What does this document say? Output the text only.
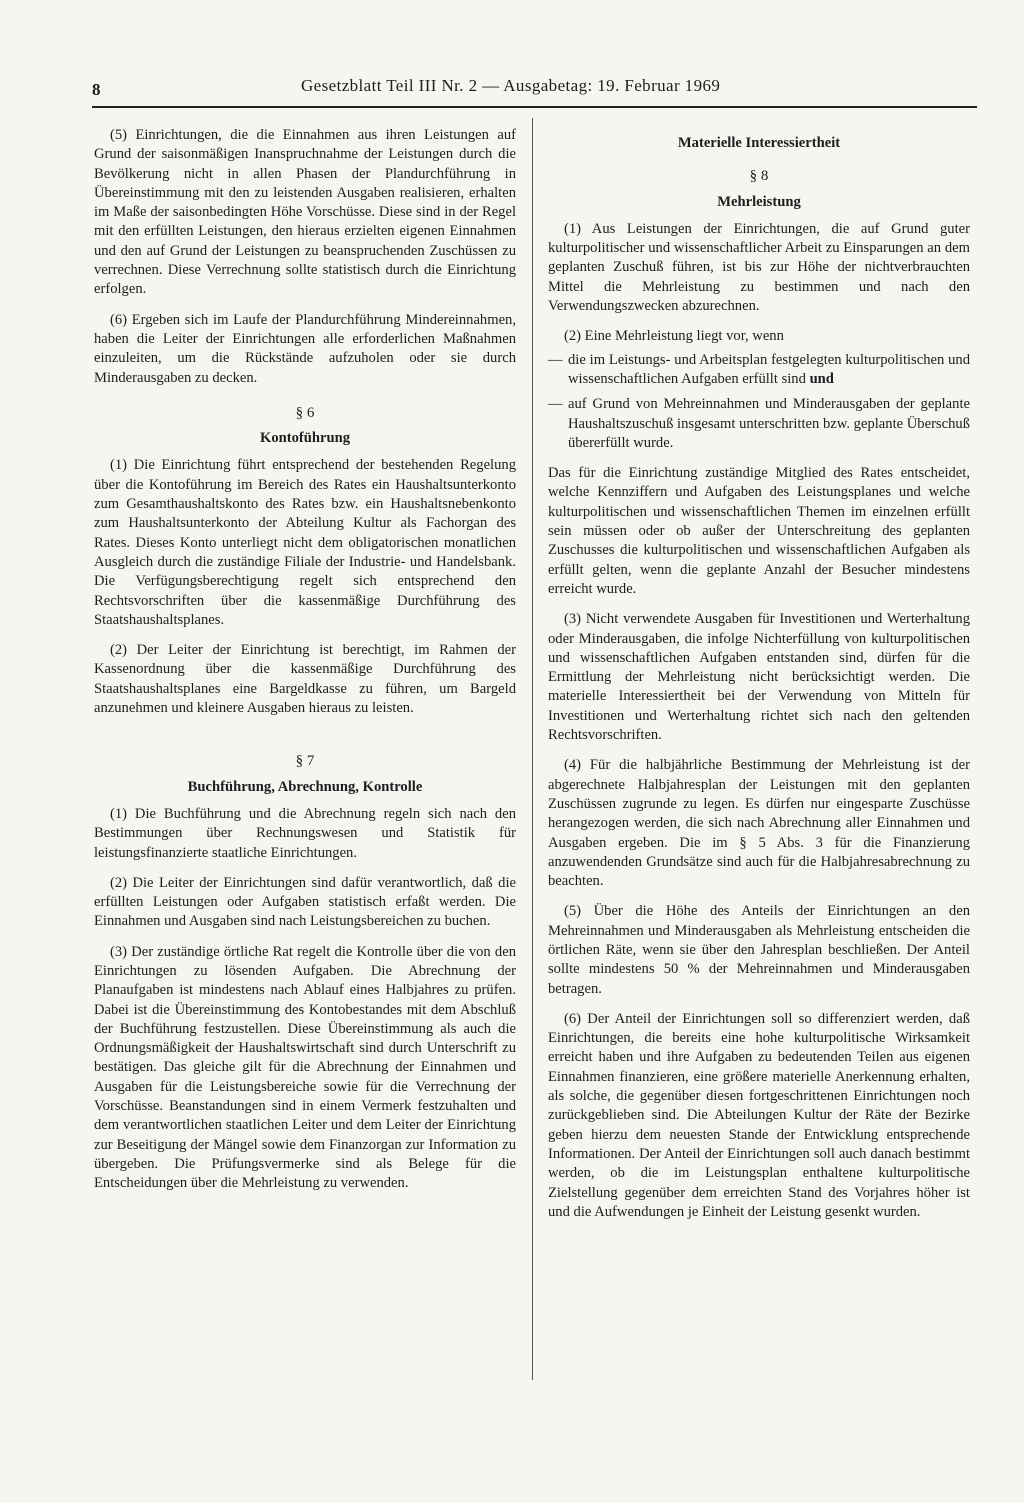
8	Gesetzblatt Teil III Nr. 2 — Ausgabetag: 19. Februar 1969

(5) Einrichtungen, die die Einnahmen aus ihren Leistungen auf Grund der saisonmäßigen Inanspruchnahme der Leistungen durch die Bevölkerung nicht in allen Phasen der Plandurchführung in Übereinstimmung mit den zu leistenden Ausgaben realisieren, erhalten im Maße der saisonbedingten Höhe Vorschüsse. Diese sind in der Regel mit den erfüllten Leistungen, den hieraus erzielten eigenen Einnahmen und den auf Grund der Leistungen zu beanspruchenden Zuschüssen zu verrechnen. Diese Verrechnung sollte statistisch durch die Einrichtung erfolgen.

(6) Ergeben sich im Laufe der Plandurchführung Mindereinnahmen, haben die Leiter der Einrichtungen alle erforderlichen Maßnahmen einzuleiten, um die Rückstände aufzuholen oder sie durch Minderausgaben zu decken.

§ 6
Kontoführung

(1) Die Einrichtung führt entsprechend der bestehenden Regelung über die Kontoführung im Bereich des Rates ein Haushaltsunterkonto zum Gesamthaushaltskonto des Rates bzw. ein Haushaltsnebenkonto zum Haushaltsunterkonto der Abteilung Kultur als Fachorgan des Rates. Dieses Konto unterliegt nicht dem obligatorischen monatlichen Ausgleich durch die zuständige Filiale der Industrie- und Handelsbank. Die Verfügungsberechtigung regelt sich entsprechend den Rechtsvorschriften über die kassenmäßige Durchführung des Staatshaushaltsplanes.

(2) Der Leiter der Einrichtung ist berechtigt, im Rahmen der Kassenordnung über die kassenmäßige Durchführung des Staatshaushaltsplanes eine Bargeldkasse zu führen, um Bargeld anzunehmen und kleinere Ausgaben hieraus zu leisten.

§ 7
Buchführung, Abrechnung, Kontrolle

(1) Die Buchführung und die Abrechnung regeln sich nach den Bestimmungen über Rechnungswesen und Statistik für leistungsfinanzierte staatliche Einrichtungen.

(2) Die Leiter der Einrichtungen sind dafür verantwortlich, daß die erfüllten Leistungen oder Aufgaben statistisch erfaßt werden. Die Einnahmen und Ausgaben sind nach Leistungsbereichen zu buchen.

(3) Der zuständige örtliche Rat regelt die Kontrolle über die von den Einrichtungen zu lösenden Aufgaben. Die Abrechnung der Planaufgaben ist mindestens nach Ablauf eines Halbjahres zu prüfen. Dabei ist die Übereinstimmung des Kontobestandes mit dem Abschluß der Buchführung festzustellen. Diese Übereinstimmung als auch die Ordnungsmäßigkeit der Haushaltswirtschaft sind durch Unterschrift zu bestätigen. Das gleiche gilt für die Abrechnung der Einnahmen und Ausgaben für die Leistungsbereiche sowie für die Verrechnung der Vorschüsse. Beanstandungen sind in einem Vermerk festzuhalten und dem verantwortlichen staatlichen Leiter und dem Leiter der Einrichtung zur Beseitigung der Mängel sowie dem Finanzorgan zur Information zu übergeben. Die Prüfungsvermerke sind als Belege für die Entscheidungen über die Mehrleistung zu verwenden.

Materielle Interessiertheit
§ 8
Mehrleistung

(1) Aus Leistungen der Einrichtungen, die auf Grund guter kulturpolitischer und wissenschaftlicher Arbeit zu Einsparungen an dem geplanten Zuschuß führen, ist bis zur Höhe der nichtverbrauchten Mittel die Mehrleistung zu bestimmen und nach den Verwendungszwecken abzurechnen.

(2) Eine Mehrleistung liegt vor, wenn

— die im Leistungs- und Arbeitsplan festgelegten kulturpolitischen und wissenschaftlichen Aufgaben erfüllt sind und
— auf Grund von Mehreinnahmen und Minderausgaben der geplante Haushaltszuschuß insgesamt unterschritten bzw. geplante Überschuß übererfüllt wurde.

Das für die Einrichtung zuständige Mitglied des Rates entscheidet, welche Kennziffern und Aufgaben des Leistungsplanes und welche kulturpolitischen und wissenschaftlichen Themen im einzelnen erfüllt sein müssen oder ob außer der Unterschreitung des geplanten Zuschusses die kulturpolitischen und wissenschaftlichen Aufgaben als erfüllt gelten, wenn die geplante Anzahl der Besucher mindestens erreicht wurde.

(3) Nicht verwendete Ausgaben für Investitionen und Werterhaltung oder Minderausgaben, die infolge Nichterfüllung von kulturpolitischen und wissenschaftlichen Aufgaben entstanden sind, dürfen für die Ermittlung der Mehrleistung nicht berücksichtigt werden. Die materielle Interessiertheit bei der Verwendung von Mitteln für Investitionen und Werterhaltung richtet sich nach den geltenden Rechtsvorschriften.

(4) Für die halbjährliche Bestimmung der Mehrleistung ist der abgerechnete Halbjahresplan der Leistungen mit den geplanten Zuschüssen zugrunde zu legen. Es dürfen nur eingesparte Zuschüsse herangezogen werden, die sich nach Abrechnung aller Einnahmen und Ausgaben ergeben. Die im § 5 Abs. 3 für die Finanzierung anzuwendenden Grundsätze sind auch für die Halbjahresabrechnung zu beachten.

(5) Über die Höhe des Anteils der Einrichtungen an den Mehreinnahmen und Minderausgaben als Mehrleistung entscheiden die örtlichen Räte, wenn sie über den Jahresplan beschließen. Der Anteil sollte mindestens 50 % der Mehreinnahmen und Minderausgaben betragen.

(6) Der Anteil der Einrichtungen soll so differenziert werden, daß Einrichtungen, die bereits eine hohe kulturpolitische Wirksamkeit erreicht haben und ihre Aufgaben zu bedeutenden Teilen aus eigenen Einnahmen finanzieren, eine größere materielle Anerkennung erhalten, als solche, die gegenüber diesen fortgeschrittenen Einrichtungen noch zurückgeblieben sind. Die Abteilungen Kultur der Räte der Bezirke geben hierzu dem neuesten Stande der Entwicklung entsprechende Informationen. Der Anteil der Einrichtungen soll auch danach bestimmt werden, ob die im Leistungsplan enthaltene kulturpolitische Zielstellung gegenüber dem erreichten Stand des Vorjahres höher ist und die Aufwendungen je Einheit der Leistung gesenkt wurden.
